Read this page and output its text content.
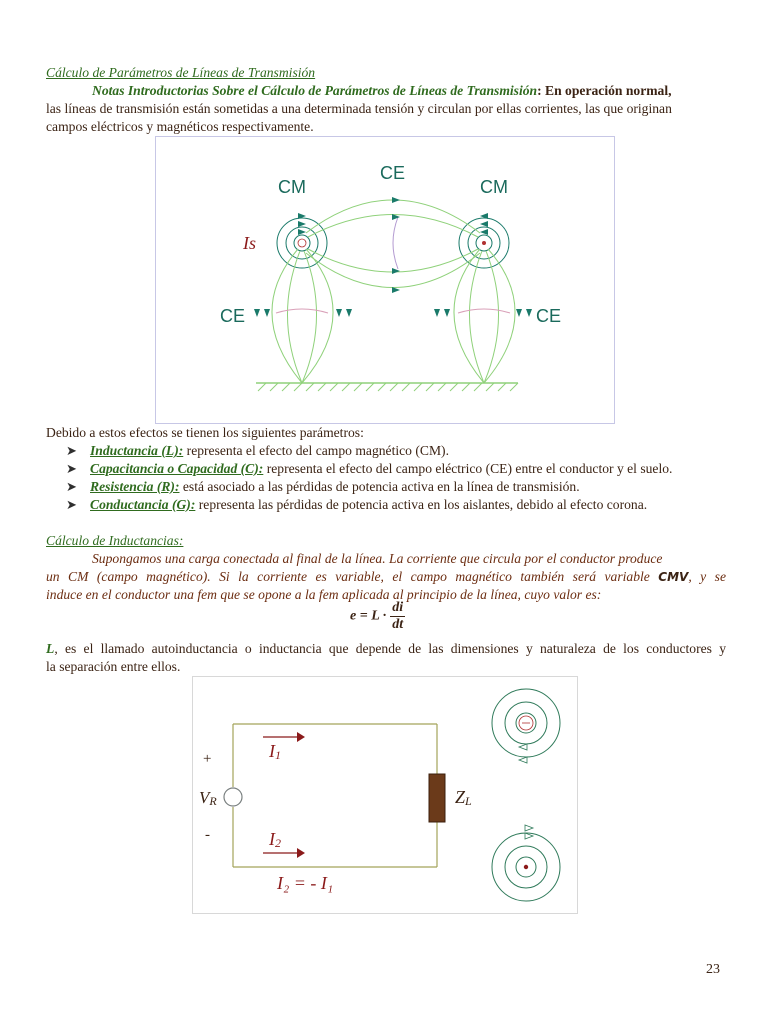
Cálculo de Parámetros de Líneas de Transmisión
Notas Introductorias Sobre el Cálculo de Parámetros de Líneas de Transmisión: En operación normal,
las líneas de transmisión están sometidas a una determinada tensión y circulan por ellas corrientes, las que originan
campos eléctricos y magnéticos respectivamente.
CM
CE
CM
Is
CE	CE
Debido a estos efectos se tienen los siguientes parámetros:
➤ Inductancia (L): representa el efecto del campo magnético (CM).
➤ Capacitancia o Capacidad (C): representa el efecto del campo eléctrico (CE) entre el conductor y el suelo.
➤ Resistencia (R): está asociado a las pérdidas de potencia activa en la línea de transmisión.
➤ Conductancia (G): representa las pérdidas de potencia activa en los aislantes, debido al efecto corona.
Cálculo de Inductancias:
Supongamos una carga conectada al final de la línea. La corriente que circula por el conductor produce
un CM (campo magnético). Si la corriente es variable, el campo magnético también será variable CMV, y se
induce en el conductor una fem que se opone a la fem aplicada al principio de la línea, cuyo valor es:
$e = L \cdot \frac{di}{dt}$
L, es el llamado autoinductancia o inductancia que depende de las dimensiones y naturaleza de los conductores y
la separación entre ellos.
+
-
VR
I1
I2
ZL
I₂ = - I₁
23
